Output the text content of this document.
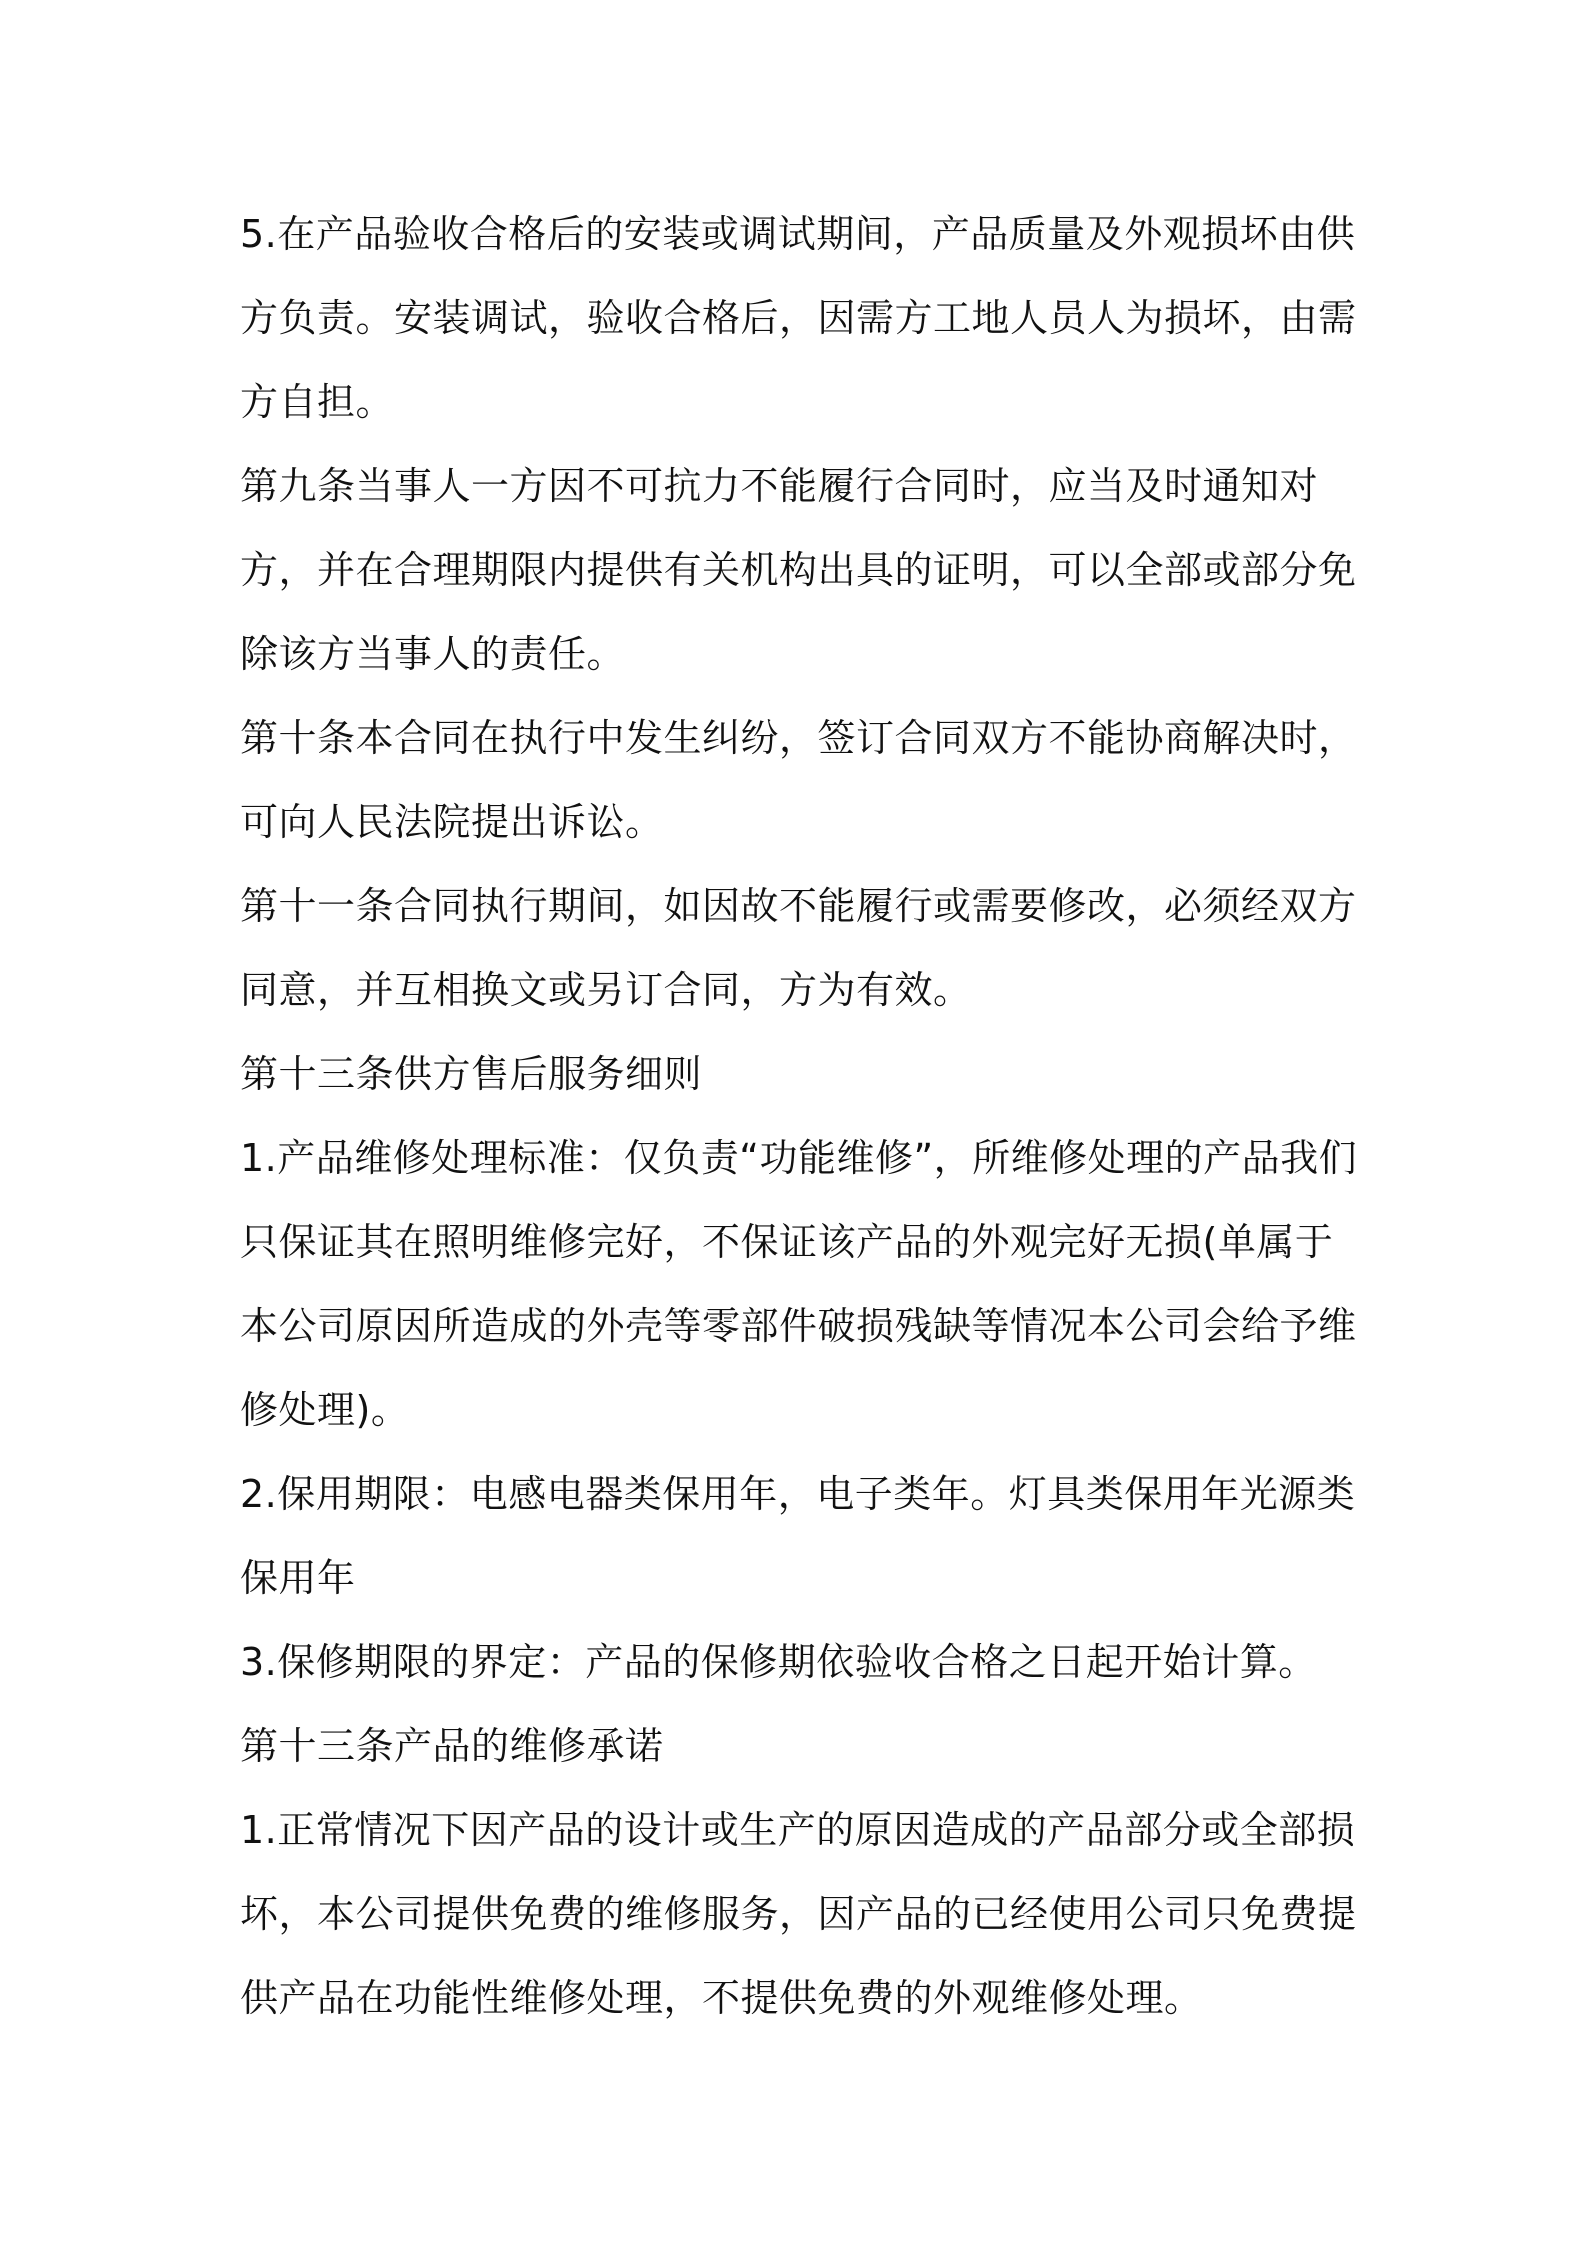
5.在产品验收合格后的安装或调试期间，产品质量及外观损坏由供方负责。安装调试，验收合格后，因需方工地人员人为损坏，由需方自担。

第九条当事人一方因不可抗力不能履行合同时，应当及时通知对方，并在合理期限内提供有关机构出具的证明，可以全部或部分免除该方当事人的责任。

第十条本合同在执行中发生纠纷，签订合同双方不能协商解决时，可向人民法院提出诉讼。

第十一条合同执行期间，如因故不能履行或需要修改，必须经双方同意，并互相换文或另订合同，方为有效。

第十三条供方售后服务细则

1.产品维修处理标准：仅负责“功能维修”，所维修处理的产品我们只保证其在照明维修完好，不保证该产品的外观完好无损(单属于本公司原因所造成的外壳等零部件破损残缺等情况本公司会给予维修处理)。

2.保用期限：电感电器类保用年，电子类年。灯具类保用年光源类保用年

3.保修期限的界定：产品的保修期依验收合格之日起开始计算。

第十三条产品的维修承诺

1.正常情况下因产品的设计或生产的原因造成的产品部分或全部损坏，本公司提供免费的维修服务，因产品的已经使用公司只免费提供产品在功能性维修处理，不提供免费的外观维修处理。
